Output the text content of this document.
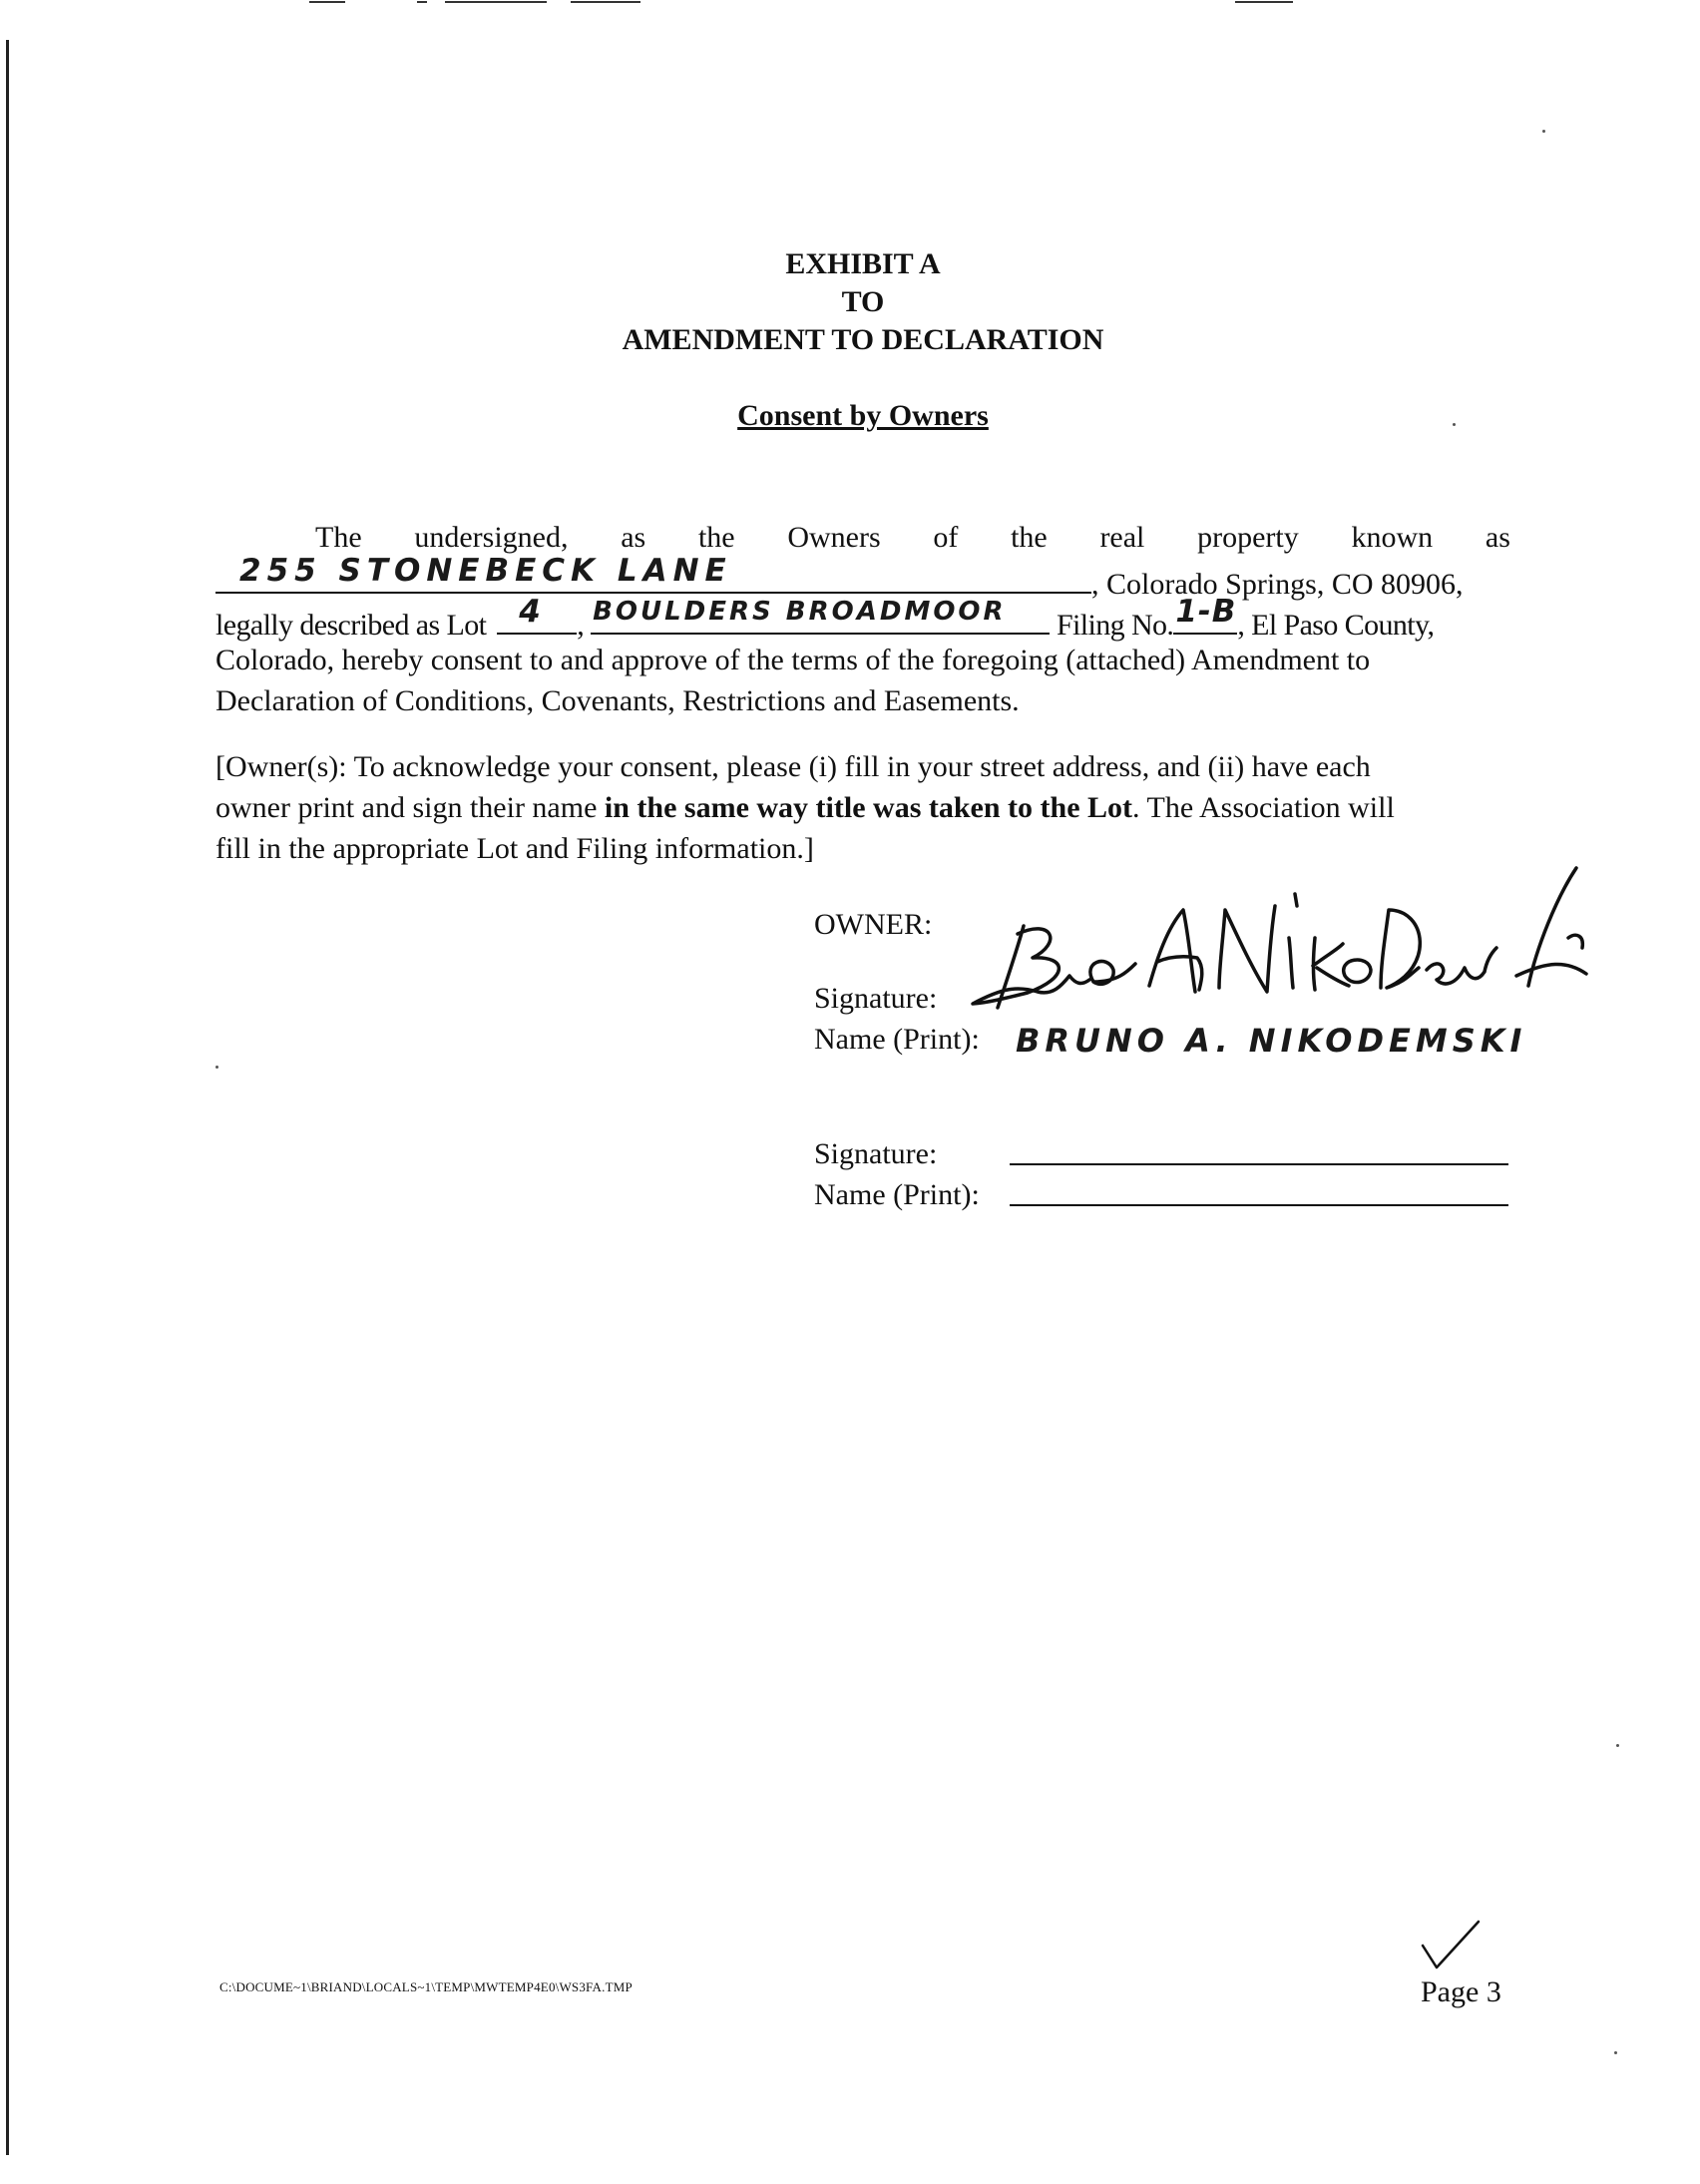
EXHIBIT A
TO
AMENDMENT TO DECLARATION
Consent by Owners
The undersigned, as the Owners of the real property known as
255 STONEBECK LANE	, Colorado Springs, CO 80906,
legally described as Lot 4 , BOULDERS BROADMOOR Filing No. 1-B , El Paso County,
Colorado, hereby consent to and approve of the terms of the foregoing (attached) Amendment to
Declaration of Conditions, Covenants, Restrictions and Easements.
[Owner(s): To acknowledge your consent, please (i) fill in your street address, and (ii) have each
owner print and sign their name in the same way title was taken to the Lot. The Association will
fill in the appropriate Lot and Filing information.]
OWNER:
Signature:
Name (Print): BRUNO A. NIKODEMSKI
Signature:
Name (Print):
C:\DOCUME~1\BRIAND\LOCALS~1\TEMP\MWTEMP4E0\WS3FA.TMP	Page 3
